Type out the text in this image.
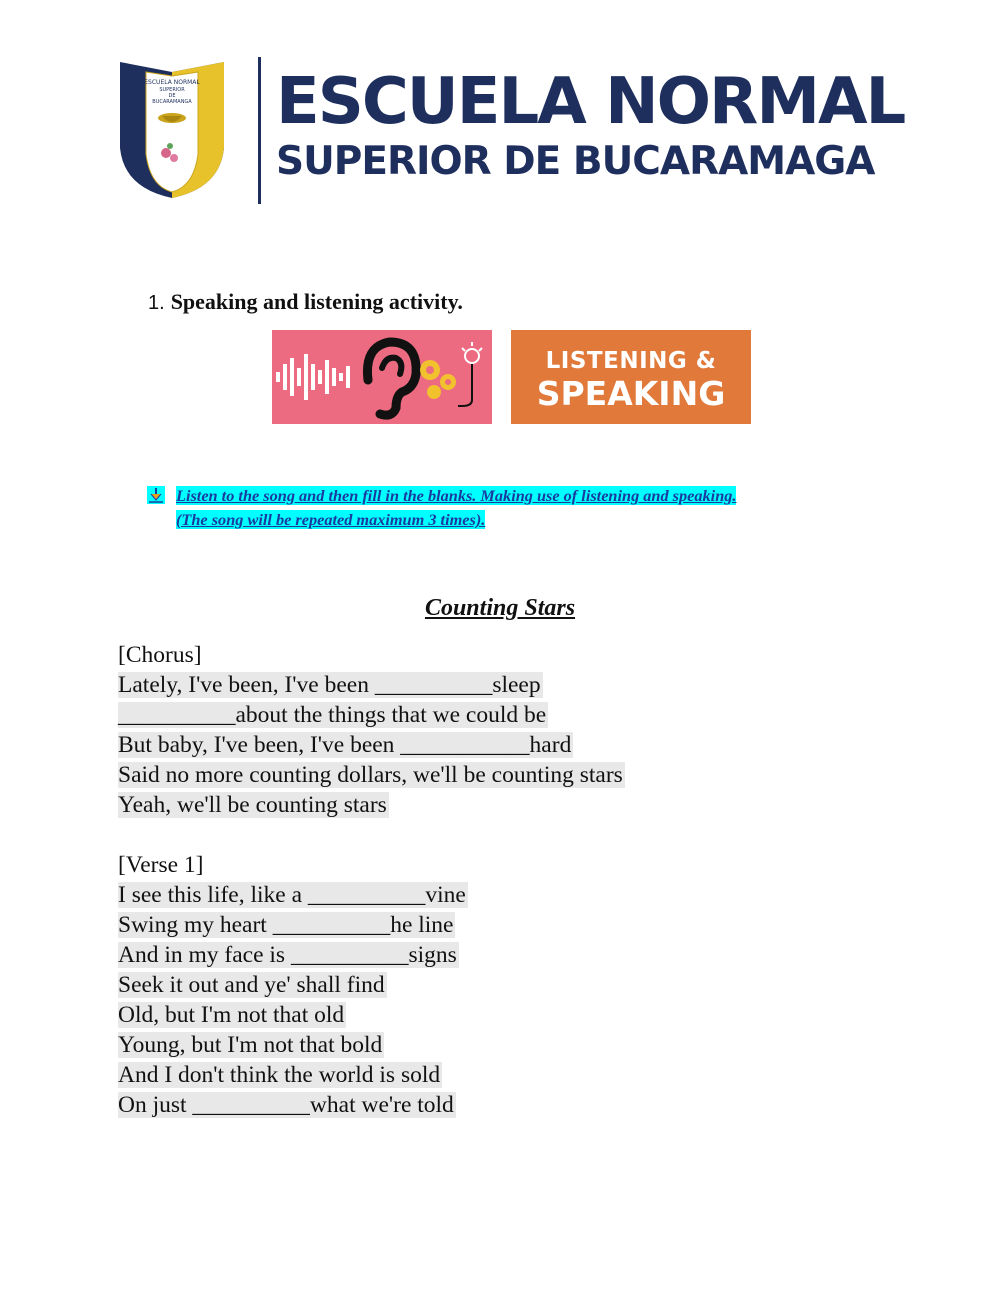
ESCUELA NORMAL
SUPERIOR
DE
BUCARAMANGA ESCUELA NORMAL
SUPERIOR DE BUCARAMAGA
1. Speaking and listening activity.
LISTENING &
SPEAKING
Listen to the song and then fill in the blanks. Making use of listening and speaking.
(The song will be repeated maximum 3 times).
Counting Stars
[Chorus]
Lately, I've been, I've been __________sleep
__________about the things that we could be
But baby, I've been, I've been ___________hard
Said no more counting dollars, we'll be counting stars
Yeah, we'll be counting stars
[Verse 1]
I see this life, like a __________vine
Swing my heart __________he line
And in my face is __________signs
Seek it out and ye' shall find
Old, but I'm not that old
Young, but I'm not that bold
And I don't think the world is sold
On just __________what we're told
